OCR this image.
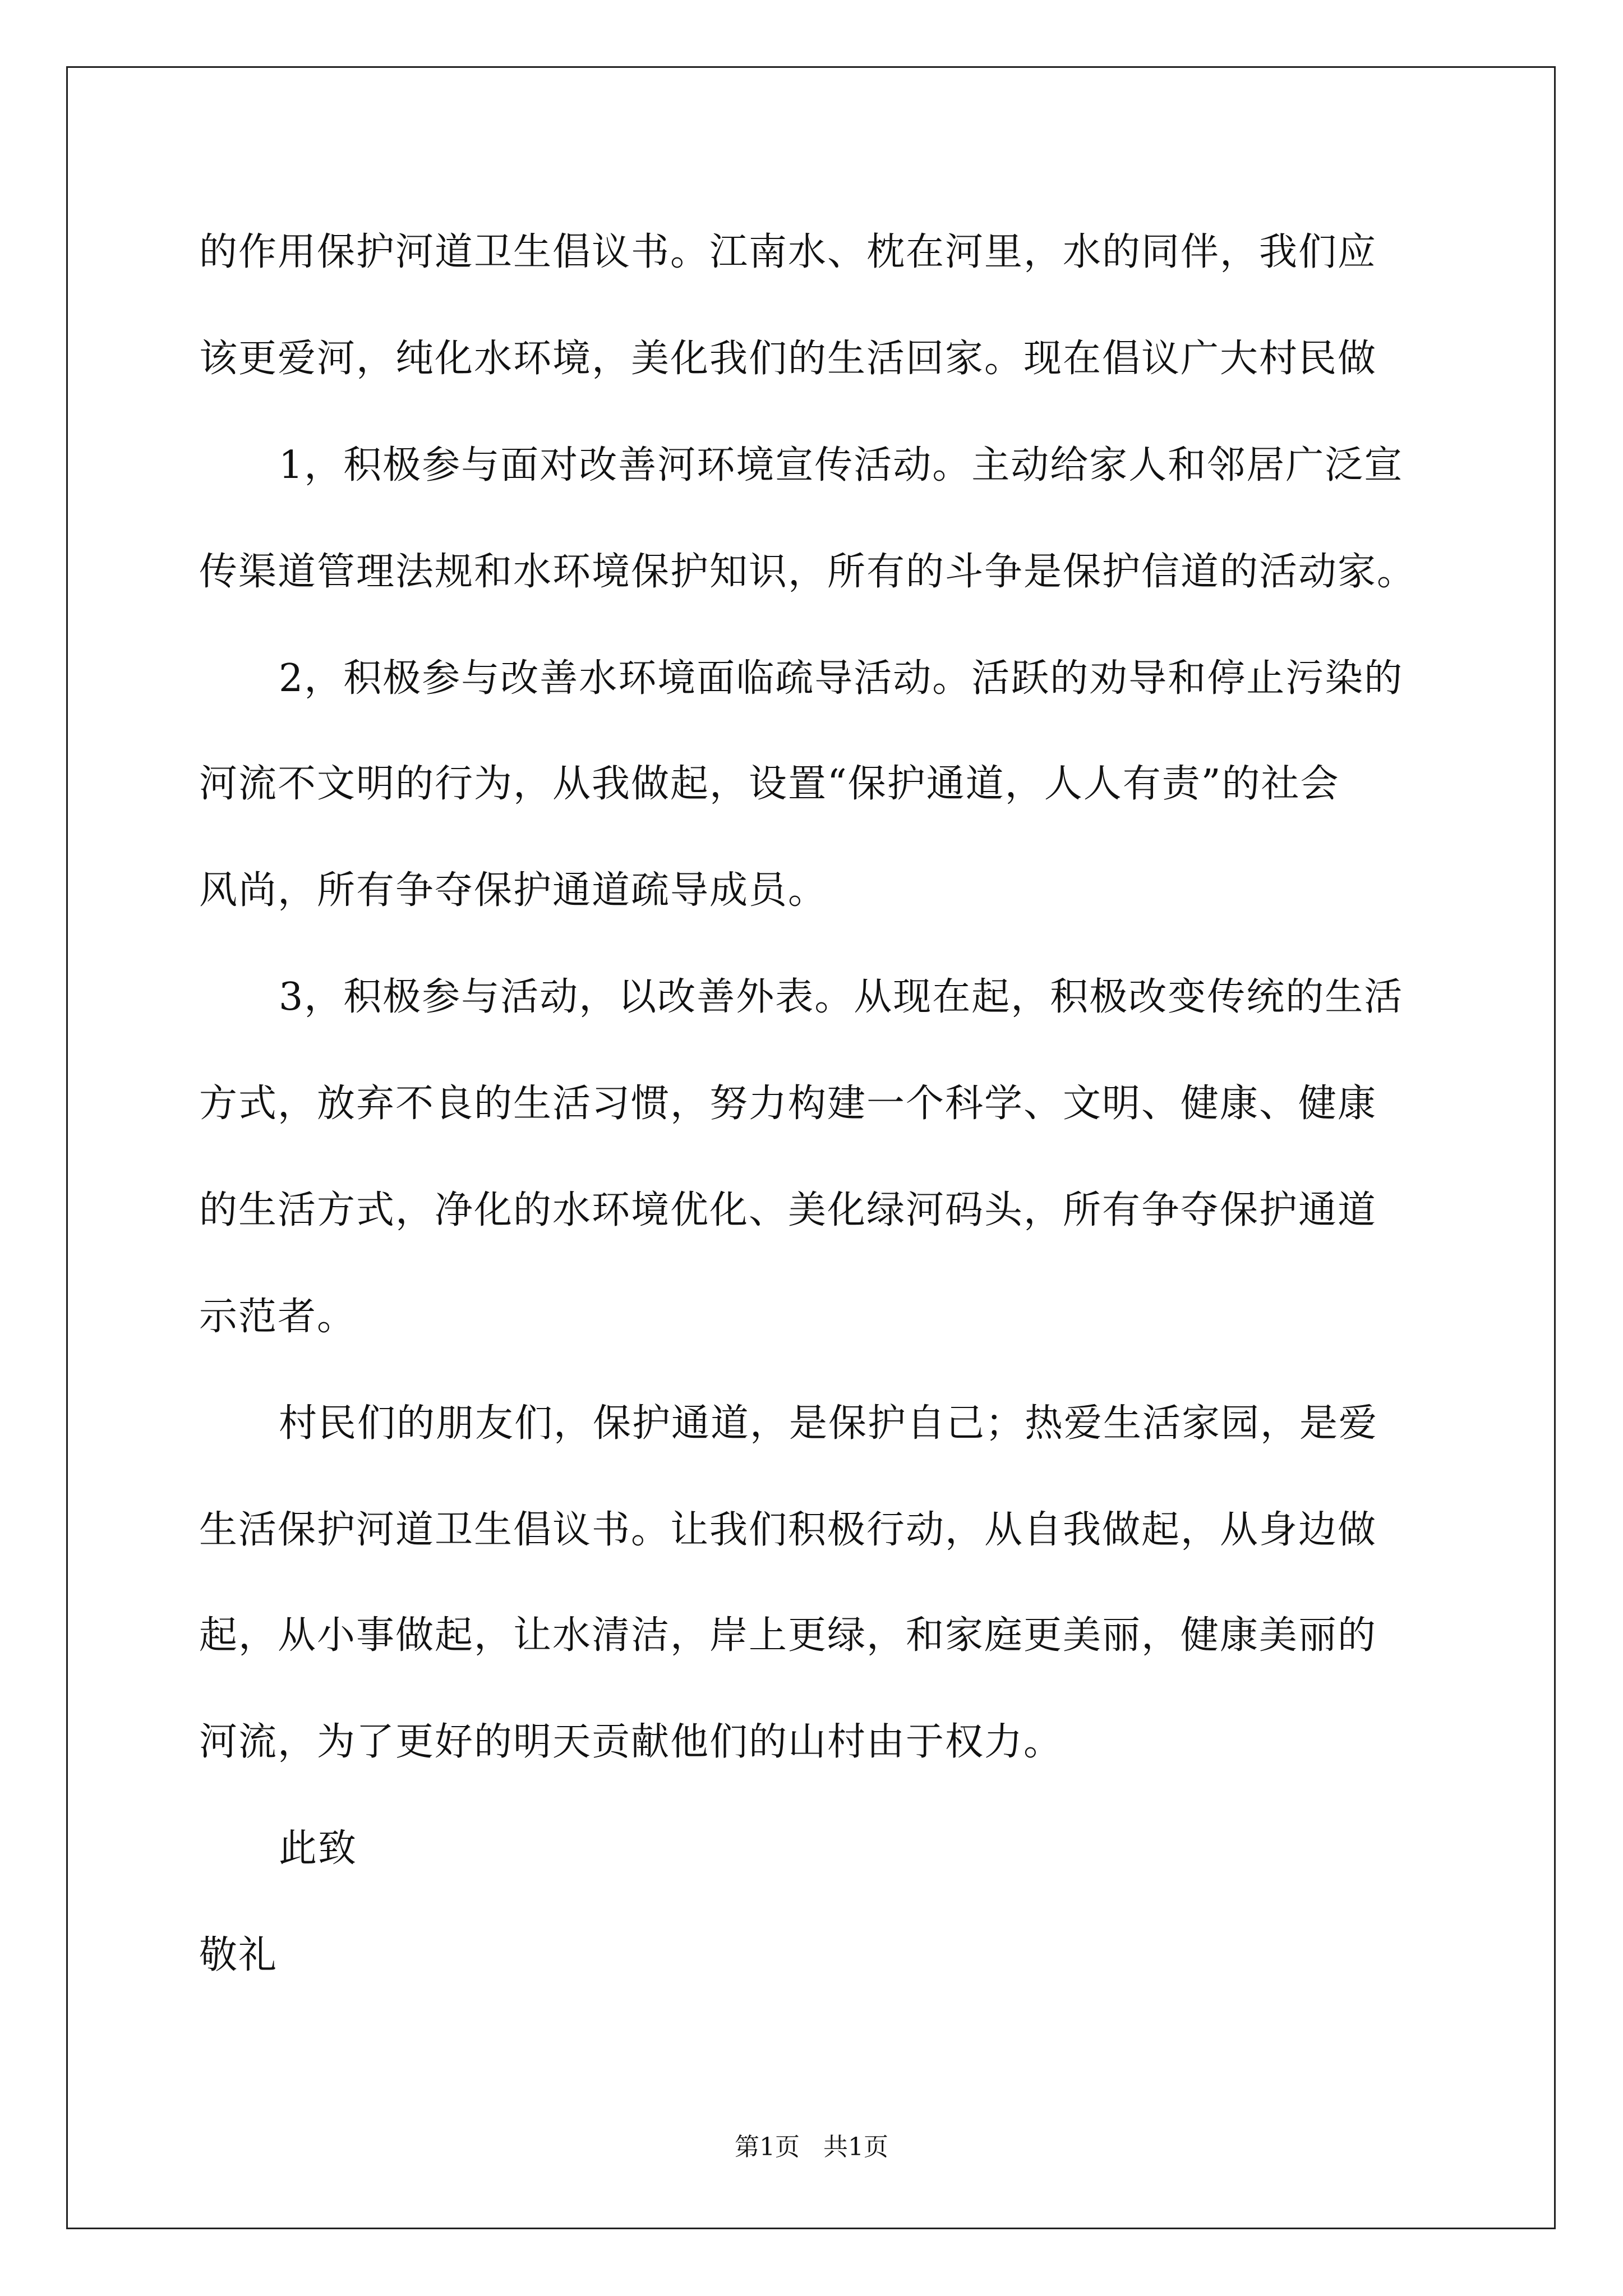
的作用保护河道卫生倡议书。江南水、枕在河里，水的同伴，我们应
该更爱河，纯化水环境，美化我们的生活回家。现在倡议广大村民做
1，积极参与面对改善河环境宣传活动。主动给家人和邻居广泛宣
传渠道管理法规和水环境保护知识，所有的斗争是保护信道的活动家。
2，积极参与改善水环境面临疏导活动。活跃的劝导和停止污染的
河流不文明的行为，从我做起，设置“保护通道，人人有责”的社会
风尚，所有争夺保护通道疏导成员。
3，积极参与活动，以改善外表。从现在起，积极改变传统的生活
方式，放弃不良的生活习惯，努力构建一个科学、文明、健康、健康
的生活方式，净化的水环境优化、美化绿河码头，所有争夺保护通道
示范者。
村民们的朋友们，保护通道，是保护自己；热爱生活家园，是爱
生活保护河道卫生倡议书。让我们积极行动，从自我做起，从身边做
起，从小事做起，让水清洁，岸上更绿，和家庭更美丽，健康美丽的
河流，为了更好的明天贡献他们的山村由于权力。
此致
敬礼
第1页   共1页
